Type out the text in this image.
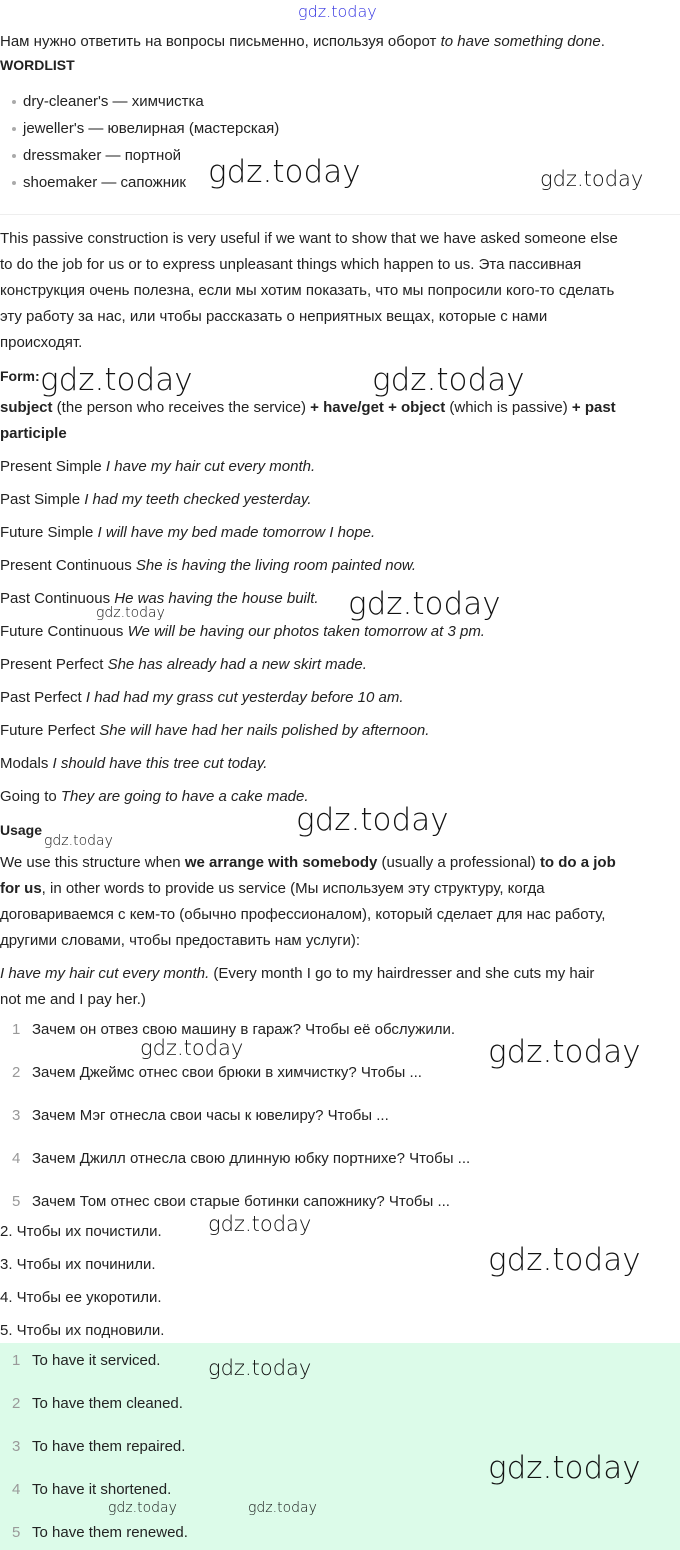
gdz.today
Нам нужно ответить на вопросы письменно, используя оборот to have something done.
WORDLIST
dry-cleaner's — химчистка
jeweller's — ювелирная (мастерская)
dressmaker — портной
shoemaker — сапожник
This passive construction is very useful if we want to show that we have asked someone else
to do the job for us or to express unpleasant things which happen to us. Эта пассивная
конструкция очень полезна, если мы хотим показать, что мы попросили кого-то сделать
эту работу за нас, или чтобы рассказать о неприятных вещах, которые с нами
происходят.
Form:
subject (the person who receives the service) + have/get + object (which is passive) + past
participle
Present Simple I have my hair cut every month.
Past Simple I had my teeth checked yesterday.
Future Simple I will have my bed made tomorrow I hope.
Present Continuous She is having the living room painted now.
Past Continuous He was having the house built.
Future Continuous We will be having our photos taken tomorrow at 3 pm.
Present Perfect She has already had a new skirt made.
Past Perfect I had had my grass cut yesterday before 10 am.
Future Perfect She will have had her nails polished by afternoon.
Modals I should have this tree cut today.
Going to They are going to have a cake made.
Usage
We use this structure when we arrange with somebody (usually a professional) to do a job
for us, in other words to provide us service (Мы используем эту структуру, когда
договариваемся с кем-то (обычно профессионалом), который сделает для нас работу,
другими словами, чтобы предоставить нам услуги):
I have my hair cut every month. (Every month I go to my hairdresser and she cuts my hair
not me and I pay her.)
1 Зачем он отвез свою машину в гараж? Чтобы её обслужили.
2 Зачем Джеймс отнес свои брюки в химчистку? Чтобы ...
3 Зачем Мэг отнесла свои часы к ювелиру? Чтобы ...
4 Зачем Джилл отнесла свою длинную юбку портнихе? Чтобы ...
5 Зачем Том отнес свои старые ботинки сапожнику? Чтобы ...
2. Чтобы их почистили.
3. Чтобы их починили.
4. Чтобы ее укоротили.
5. Чтобы их подновили.
1 To have it serviced.
2 To have them cleaned.
3 To have them repaired.
4 To have it shortened.
5 To have them renewed.
gdz.today	gdz.today
gdz.today	gdz.today
gdz.today
gdz.today
gdz.today
gdz.today
gdz.today	gdz.today
gdz.today
gdz.today
gdz.today
gdz.today
gdz.today	gdz.today
